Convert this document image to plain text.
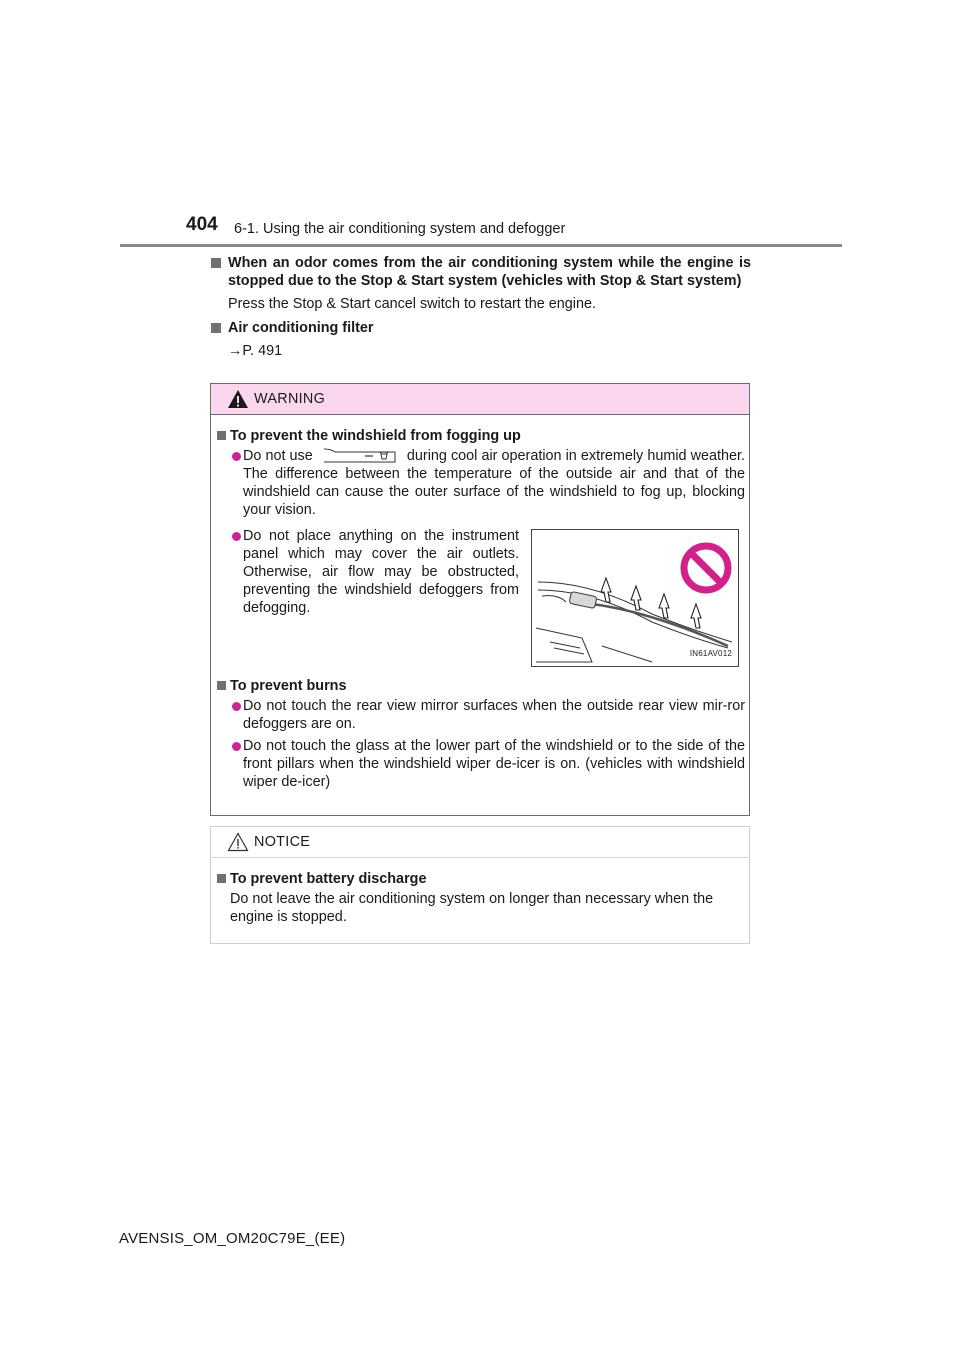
404 6-1. Using the air conditioning system and defogger
When an odor comes from the air conditioning system while the engine is stopped due to the Stop & Start system (vehicles with Stop & Start system)
Press the Stop & Start cancel switch to restart the engine.
Air conditioning filter
→P. 491
WARNING
To prevent the windshield from fogging up
Do not use	during cool air operation in extremely humid weather. The difference between the temperature of the outside air and that of the windshield can cause the outer surface of the windshield to fog up, blocking your vision.
Do not place anything on the instrument panel which may cover the air outlets. Otherwise, air flow may be obstructed, preventing the windshield defoggers from defogging.
IN61AV012
To prevent burns
Do not touch the rear view mirror surfaces when the outside rear view mir-ror defoggers are on.
Do not touch the glass at the lower part of the windshield or to the side of the front pillars when the windshield wiper de-icer is on. (vehicles with windshield wiper de-icer)
NOTICE
To prevent battery discharge
Do not leave the air conditioning system on longer than necessary when the engine is stopped.
AVENSIS_OM_OM20C79E_(EE)
